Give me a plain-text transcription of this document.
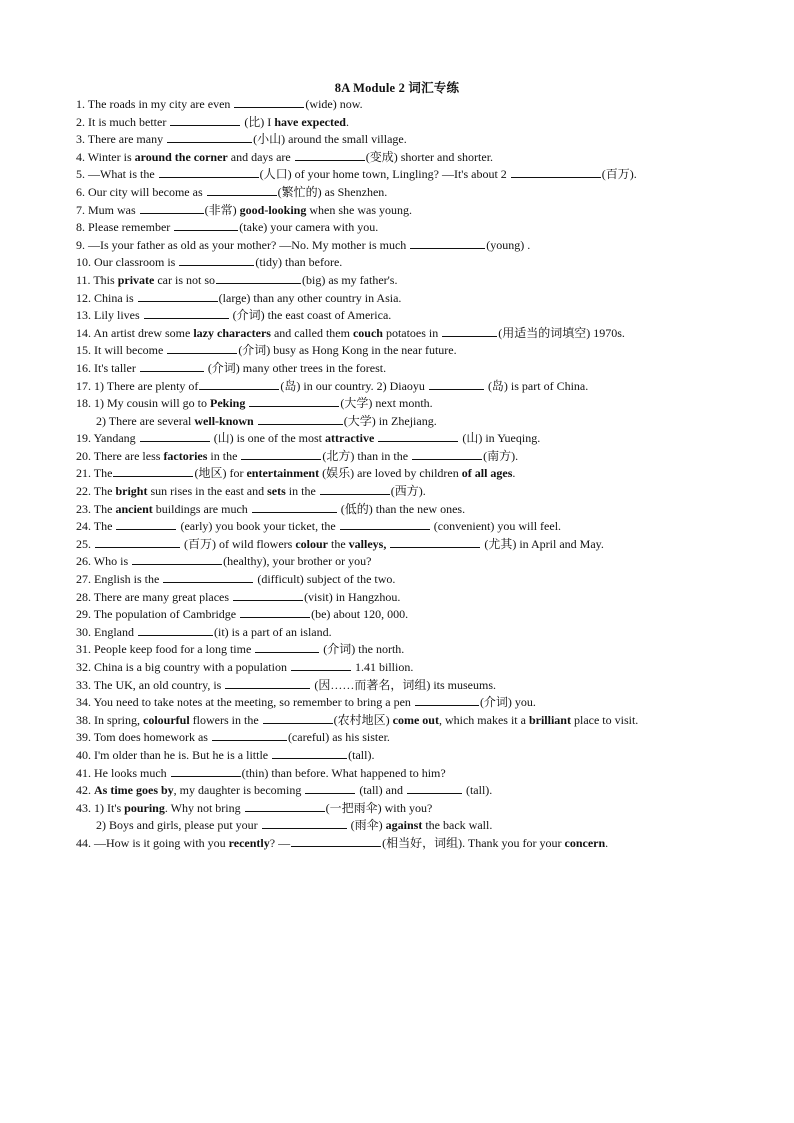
8A Module 2 词汇专练
1. The roads in my city are even	(wide) now.
2. It is much better	(比) I have expected.
3. There are many	(小山) around the small village.
4. Winter is around the corner and days are	(变成) shorter and shorter.
5. —What is the	(人口) of your home town, Lingling? —It's about 2	(百万).
6. Our city will become as	(繁忙的) as Shenzhen.
7. Mum was	(非常) good-looking when she was young.
8. Please remember	(take) your camera with you.
9. —Is your father as old as your mother? —No. My mother is much	(young) .
10. Our classroom is	(tidy) than before.
11. This private car is not so	(big) as my father's.
12. China is	(large) than any other country in Asia.
13. Lily lives	(介词) the east coast of America.
14. An artist drew some lazy characters and called them couch potatoes in	(用适当的词填空) 1970s.
15. It will become	(介词) busy as Hong Kong in the near future.
16. It's taller	(介词) many other trees in the forest.
17. 1) There are plenty of	(岛) in our country. 2) Diaoyu	(岛) is part of China.
18. 1) My cousin will go to Peking	(大学) next month.
2) There are several well-known	(大学) in Zhejiang.
19. Yandang	(山) is one of the most attractive	(山) in Yueqing.
20. There are less factories in the	(北方) than in the	(南方).
21. The	(地区) for entertainment (娱乐) are loved by children of all ages.
22. The bright sun rises in the east and sets in the	(西方).
23. The ancient buildings are much	(低的) than the new ones.
24. The	(early) you book your ticket, the	(convenient) you will feel.
25.	(百万) of wild flowers colour the valleys,	(尤其) in April and May.
26. Who is	(healthy), your brother or you?
27. English is the	(difficult) subject of the two.
28. There are many great places	(visit) in Hangzhou.
29. The population of Cambridge	(be) about 120, 000.
30. England	(it) is a part of an island.
31. People keep food for a long time	(介词) the north.
32. China is a big country with a population	1.41 billion.
33. The UK, an old country, is	(因……而著名，词组) its museums.
34. You need to take notes at the meeting, so remember to bring a pen	(介词) you.
38. In spring, colourful flowers in the	(农村地区) come out, which makes it a brilliant place to visit.
39. Tom does homework as	(careful) as his sister.
40. I'm older than he is. But he is a little	(tall).
41. He looks much	(thin) than before. What happened to him?
42. As time goes by, my daughter is becoming	(tall) and	(tall).
43. 1) It's pouring. Why not bring	(一把雨伞) with you?
2) Boys and girls, please put your	(雨伞) against the back wall.
44. —How is it going with you recently? —	(相当好，词组). Thank you for your concern.
